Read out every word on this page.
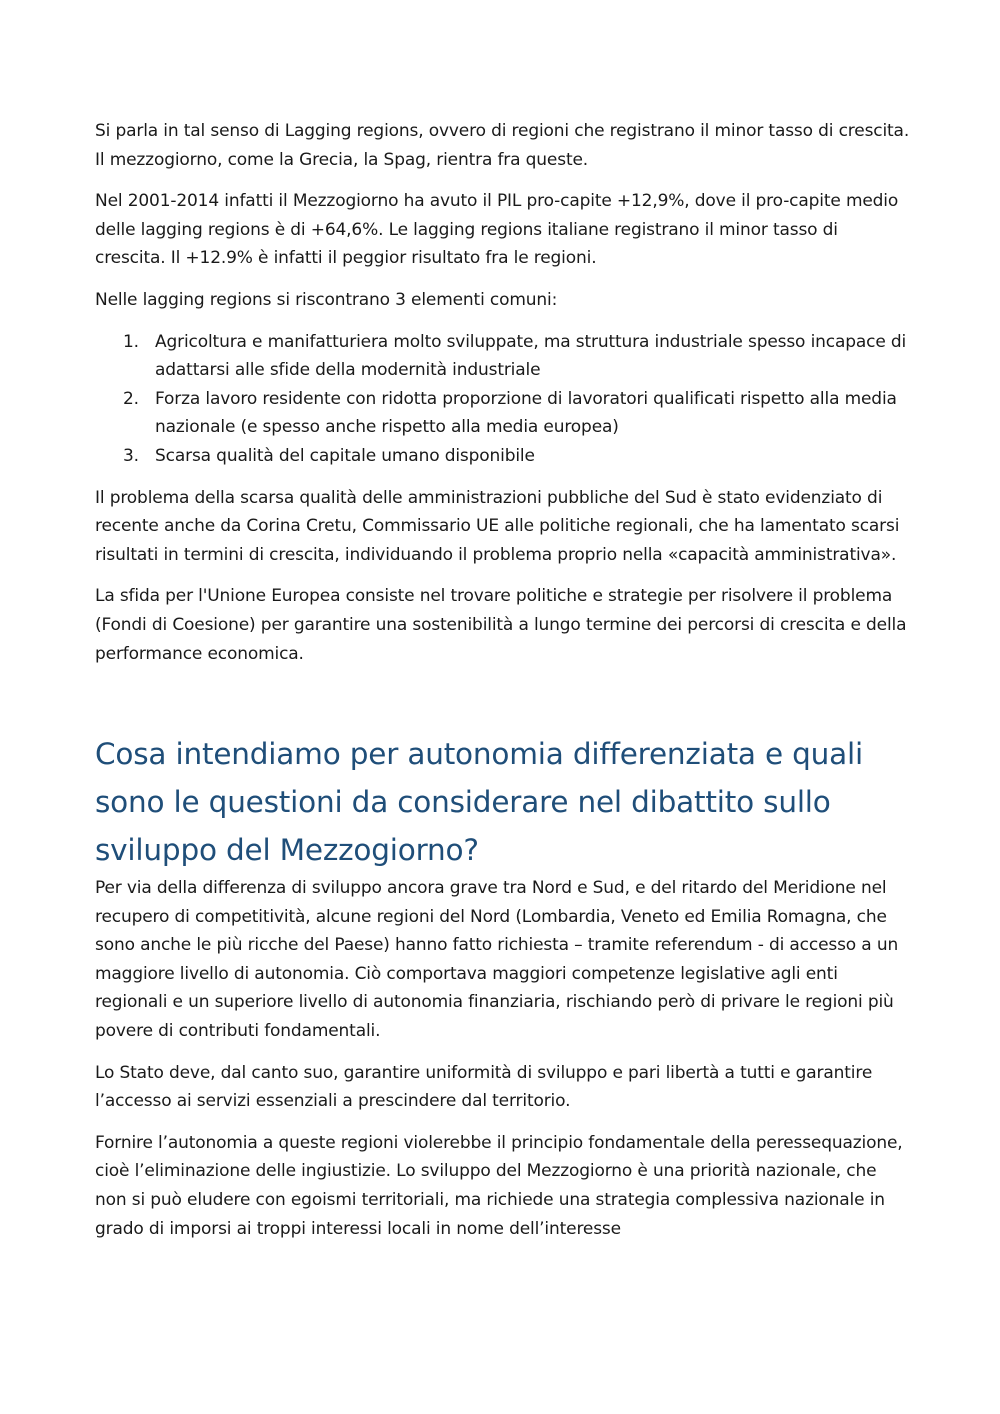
Si parla in tal senso di Lagging regions, ovvero di regioni che registrano il minor tasso di crescita. Il mezzogiorno, come la Grecia, la Spag, rientra fra queste.

Nel 2001-2014 infatti il Mezzogiorno ha avuto il PIL pro-capite +12,9%, dove il pro-capite medio delle lagging regions è di +64,6%. Le lagging regions italiane registrano il minor tasso di crescita. Il +12.9% è infatti il peggior risultato fra le regioni.

Nelle lagging regions si riscontrano 3 elementi comuni:

1. Agricoltura e manifatturiera molto sviluppate, ma struttura industriale spesso incapace di adattarsi alle sfide della modernità industriale
2. Forza lavoro residente con ridotta proporzione di lavoratori qualificati rispetto alla media nazionale (e spesso anche rispetto alla media europea)
3. Scarsa qualità del capitale umano disponibile

Il problema della scarsa qualità delle amministrazioni pubbliche del Sud è stato evidenziato di recente anche da Corina Cretu, Commissario UE alle politiche regionali, che ha lamentato scarsi risultati in termini di crescita, individuando il problema proprio nella «capacità amministrativa».

La sfida per l'Unione Europea consiste nel trovare politiche e strategie per risolvere il problema (Fondi di Coesione) per garantire una sostenibilità a lungo termine dei percorsi di crescita e della performance economica.

Cosa intendiamo per autonomia differenziata e quali sono le questioni da considerare nel dibattito sullo sviluppo del Mezzogiorno?

Per via della differenza di sviluppo ancora grave tra Nord e Sud, e del ritardo del Meridione nel recupero di competitività, alcune regioni del Nord (Lombardia, Veneto ed Emilia Romagna, che sono anche le più ricche del Paese) hanno fatto richiesta – tramite referendum - di accesso a un maggiore livello di autonomia. Ciò comportava maggiori competenze legislative agli enti regionali e un superiore livello di autonomia finanziaria, rischiando però di privare le regioni più povere di contributi fondamentali.

Lo Stato deve, dal canto suo, garantire uniformità di sviluppo e pari libertà a tutti e garantire l’accesso ai servizi essenziali a prescindere dal territorio.

Fornire l’autonomia a queste regioni violerebbe il principio fondamentale della peressequazione, cioè l’eliminazione delle ingiustizie. Lo sviluppo del Mezzogiorno è una priorità nazionale, che non si può eludere con egoismi territoriali, ma richiede una strategia complessiva nazionale in grado di imporsi ai troppi interessi locali in nome dell’interesse
